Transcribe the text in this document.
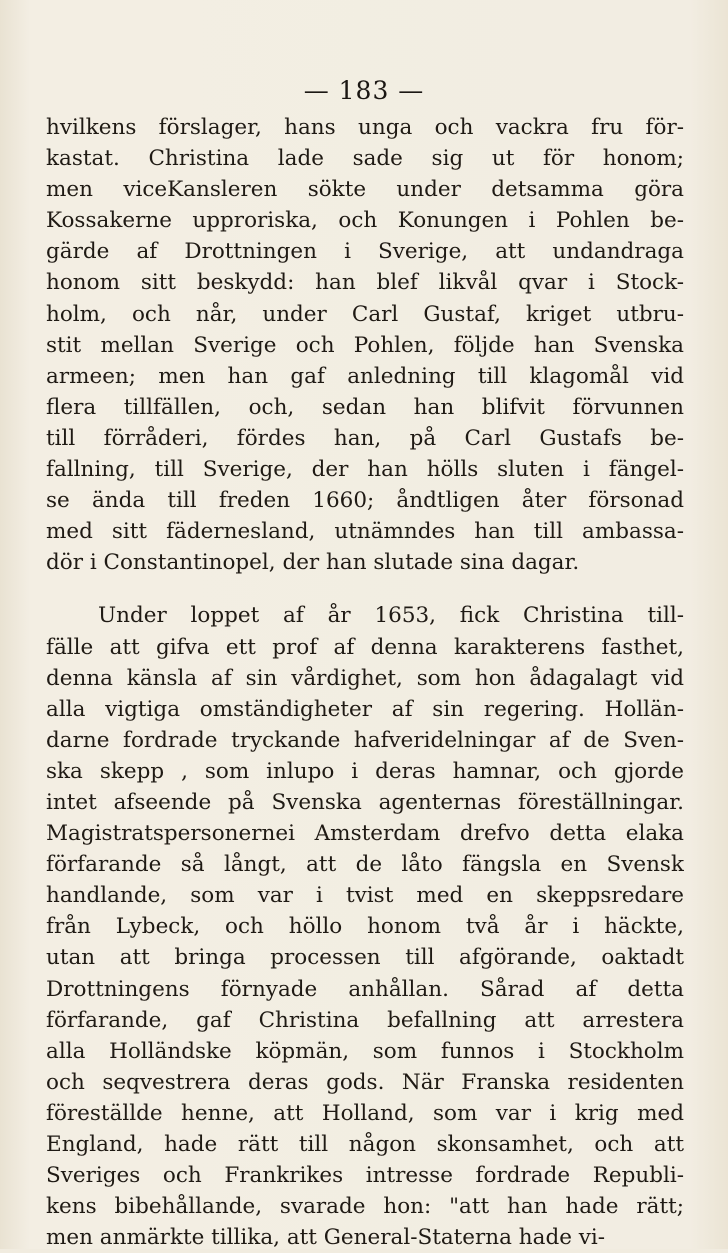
— 183 —
hvilkens förslager, hans unga och vackra fru för-
kastat. Christina lade sade sig ut för honom;
men viceKansleren sökte under detsamma göra
Kossakerne upproriska, och Konungen i Pohlen be-
gärde af Drottningen i Sverige, att undandraga
honom sitt beskydd: han blef likvål qvar i Stock-
holm, och når, under Carl Gustaf, kriget utbru-
stit mellan Sverige och Pohlen, följde han Svenska
armeen; men han gaf anledning till klagomål vid
flera tillfällen, och, sedan han blifvit förvunnen
till förråderi, fördes han, på Carl Gustafs be-
fallning, till Sverige, der han hölls sluten i fängel-
se ända till freden 1660; åndtligen åter försonad
med sitt fädernesland, utnämndes han till ambassa-
dör i Constantinopel, der han slutade sina dagar.
Under loppet af år 1653, fick Christina till-
fälle att gifva ett prof af denna karakterens fasthet,
denna känsla af sin vårdighet, som hon ådagalagt vid
alla vigtiga omständigheter af sin regering. Hollän-
darne fordrade tryckande hafveridelningar af de Sven-
ska skepp , som inlupo i deras hamnar, och gjorde
intet afseende på Svenska agenternas föreställningar.
Magistratspersonernei Amsterdam drefvo detta elaka
förfarande så långt, att de låto fängsla en Svensk
handlande, som var i tvist med en skeppsredare
från Lybeck, och höllo honom två år i häckte,
utan att bringa processen till afgörande, oaktadt
Drottningens förnyade anhållan. Sårad af detta
förfarande, gaf Christina befallning att arrestera
alla Holländske köpmän, som funnos i Stockholm
och seqvestrera deras gods. När Franska residenten
föreställde henne, att Holland, som var i krig med
England, hade rätt till någon skonsamhet, och att
Sveriges och Frankrikes intresse fordrade Republi-
kens bibehållande, svarade hon: "att han hade rätt;
men anmärkte tillika, att General-Staterna hade vi-
